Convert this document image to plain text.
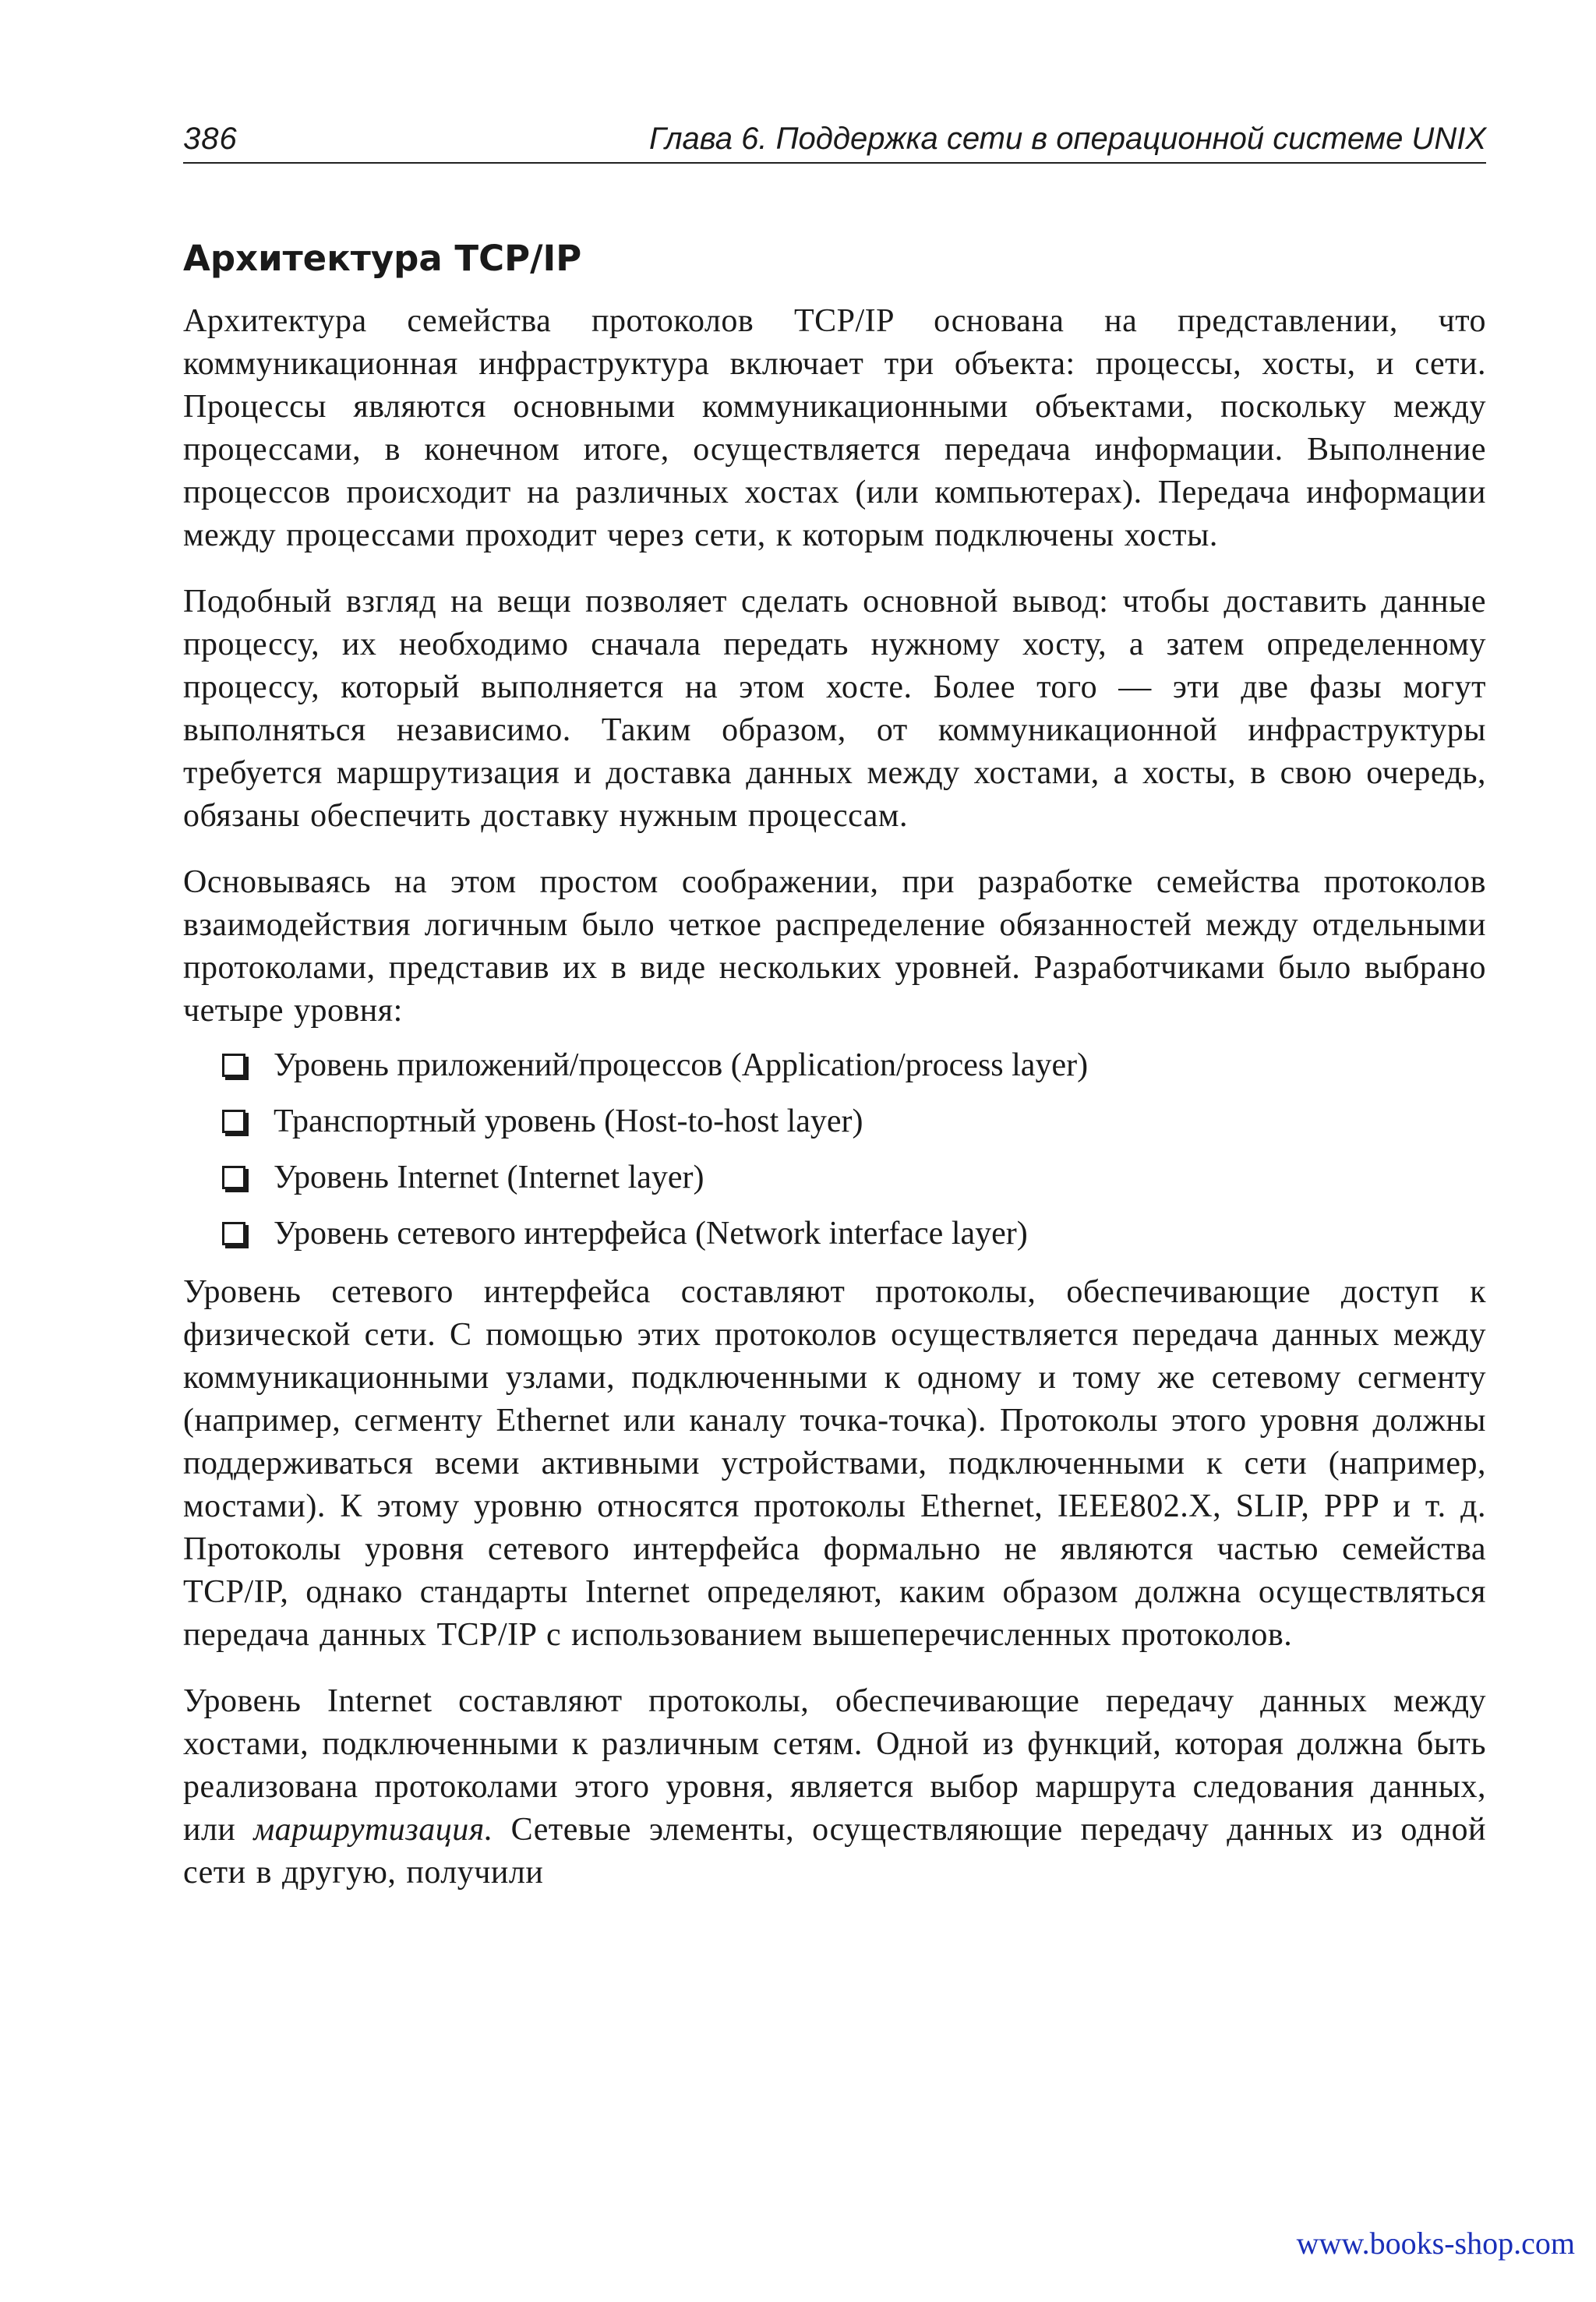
386	Глава 6. Поддержка сети в операционной системе UNIX
Архитектура TCP/IP

Архитектура семейства протоколов TCP/IP основана на представлении, что коммуникационная инфраструктура включает три объекта: процессы, хосты, и сети. Процессы являются основными коммуникационными объектами, поскольку между процессами, в конечном итоге, осуществляется передача информации. Выполнение процессов происходит на различных хостах (или компьютерах). Передача информации между процессами проходит через сети, к которым подключены хосты.

Подобный взгляд на вещи позволяет сделать основной вывод: чтобы доставить данные процессу, их необходимо сначала передать нужному хосту, а затем определенному процессу, который выполняется на этом хосте. Более того — эти две фазы могут выполняться независимо. Таким образом, от коммуникационной инфраструктуры требуется маршрутизация и доставка данных между хостами, а хосты, в свою очередь, обязаны обеспечить доставку нужным процессам.

Основываясь на этом простом соображении, при разработке семейства протоколов взаимодействия логичным было четкое распределение обязанностей между отдельными протоколами, представив их в виде нескольких уровней. Разработчиками было выбрано четыре уровня:

Уровень приложений/процессов (Application/process layer)
Транспортный уровень (Host-to-host layer)
Уровень Internet (Internet layer)
Уровень сетевого интерфейса (Network interface layer)

Уровень сетевого интерфейса составляют протоколы, обеспечивающие доступ к физической сети. С помощью этих протоколов осуществляется передача данных между коммуникационными узлами, подключенными к одному и тому же сетевому сегменту (например, сегменту Ethernet или каналу точка-точка). Протоколы этого уровня должны поддерживаться всеми активными устройствами, подключенными к сети (например, мостами). К этому уровню относятся протоколы Ethernet, IEEE802.X, SLIP, PPP и т. д. Протоколы уровня сетевого интерфейса формально не являются частью семейства TCP/IP, однако стандарты Internet определяют, каким образом должна осуществляться передача данных TCP/IP с использованием вышеперечисленных протоколов.

Уровень Internet составляют протоколы, обеспечивающие передачу данных между хостами, подключенными к различным сетям. Одной из функций, которая должна быть реализована протоколами этого уровня, является выбор маршрута следования данных, или маршрутизация. Сетевые элементы, осуществляющие передачу данных из одной сети в другую, получили

www.books-shop.com
